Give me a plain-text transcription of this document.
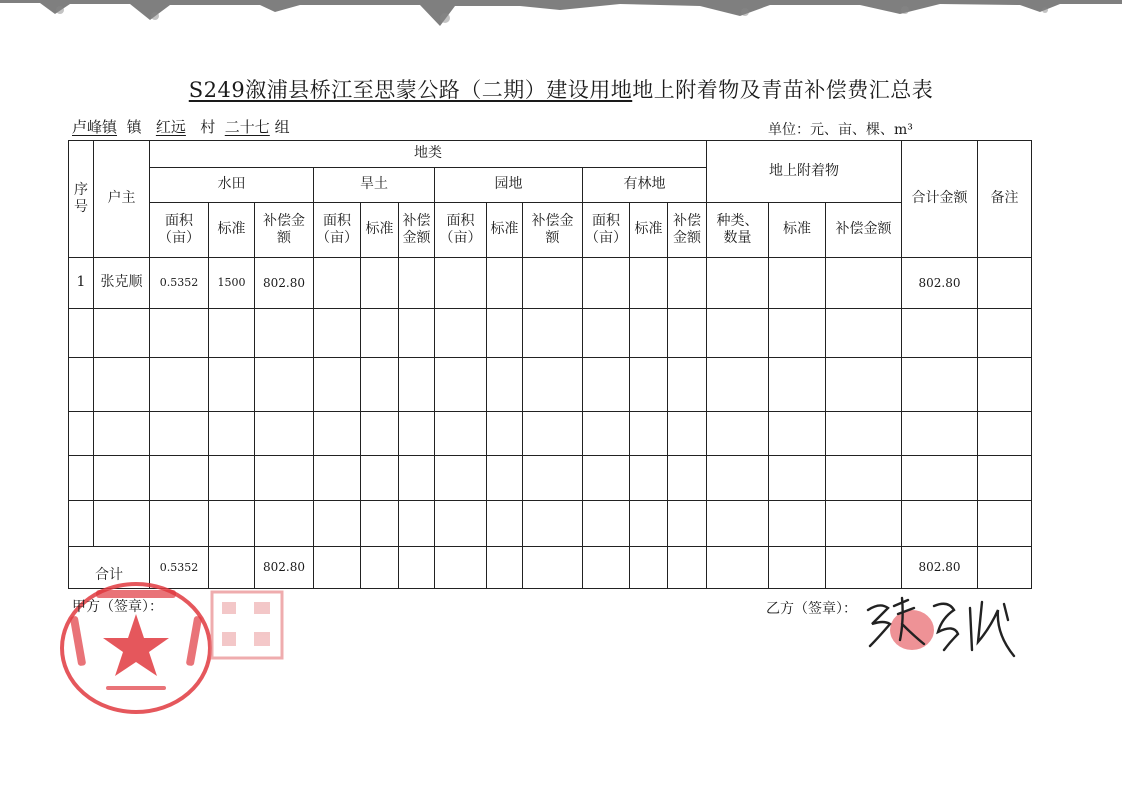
S249溆浦县桥江至思蒙公路（二期）建设用地地上附着物及青苗补偿费汇总表
卢峰镇 镇 红远 村 二十七 组	单位：元、亩、棵、m³
序号	户主	地类												地上附着物			合计金额	备注
		水田			旱土			园地			有林地							
		面积（亩）	标准	补偿金额	面积（亩）	标准	补偿金额	面积（亩）	标准	补偿金额	面积（亩）	标准	补偿金额	种类、数量	标准	补偿金额		
1	张克顺	0.5352	1500	802.80													802.80	

合计		0.5352		802.80													802.80	
甲方（签章）：	乙方（签章）：
